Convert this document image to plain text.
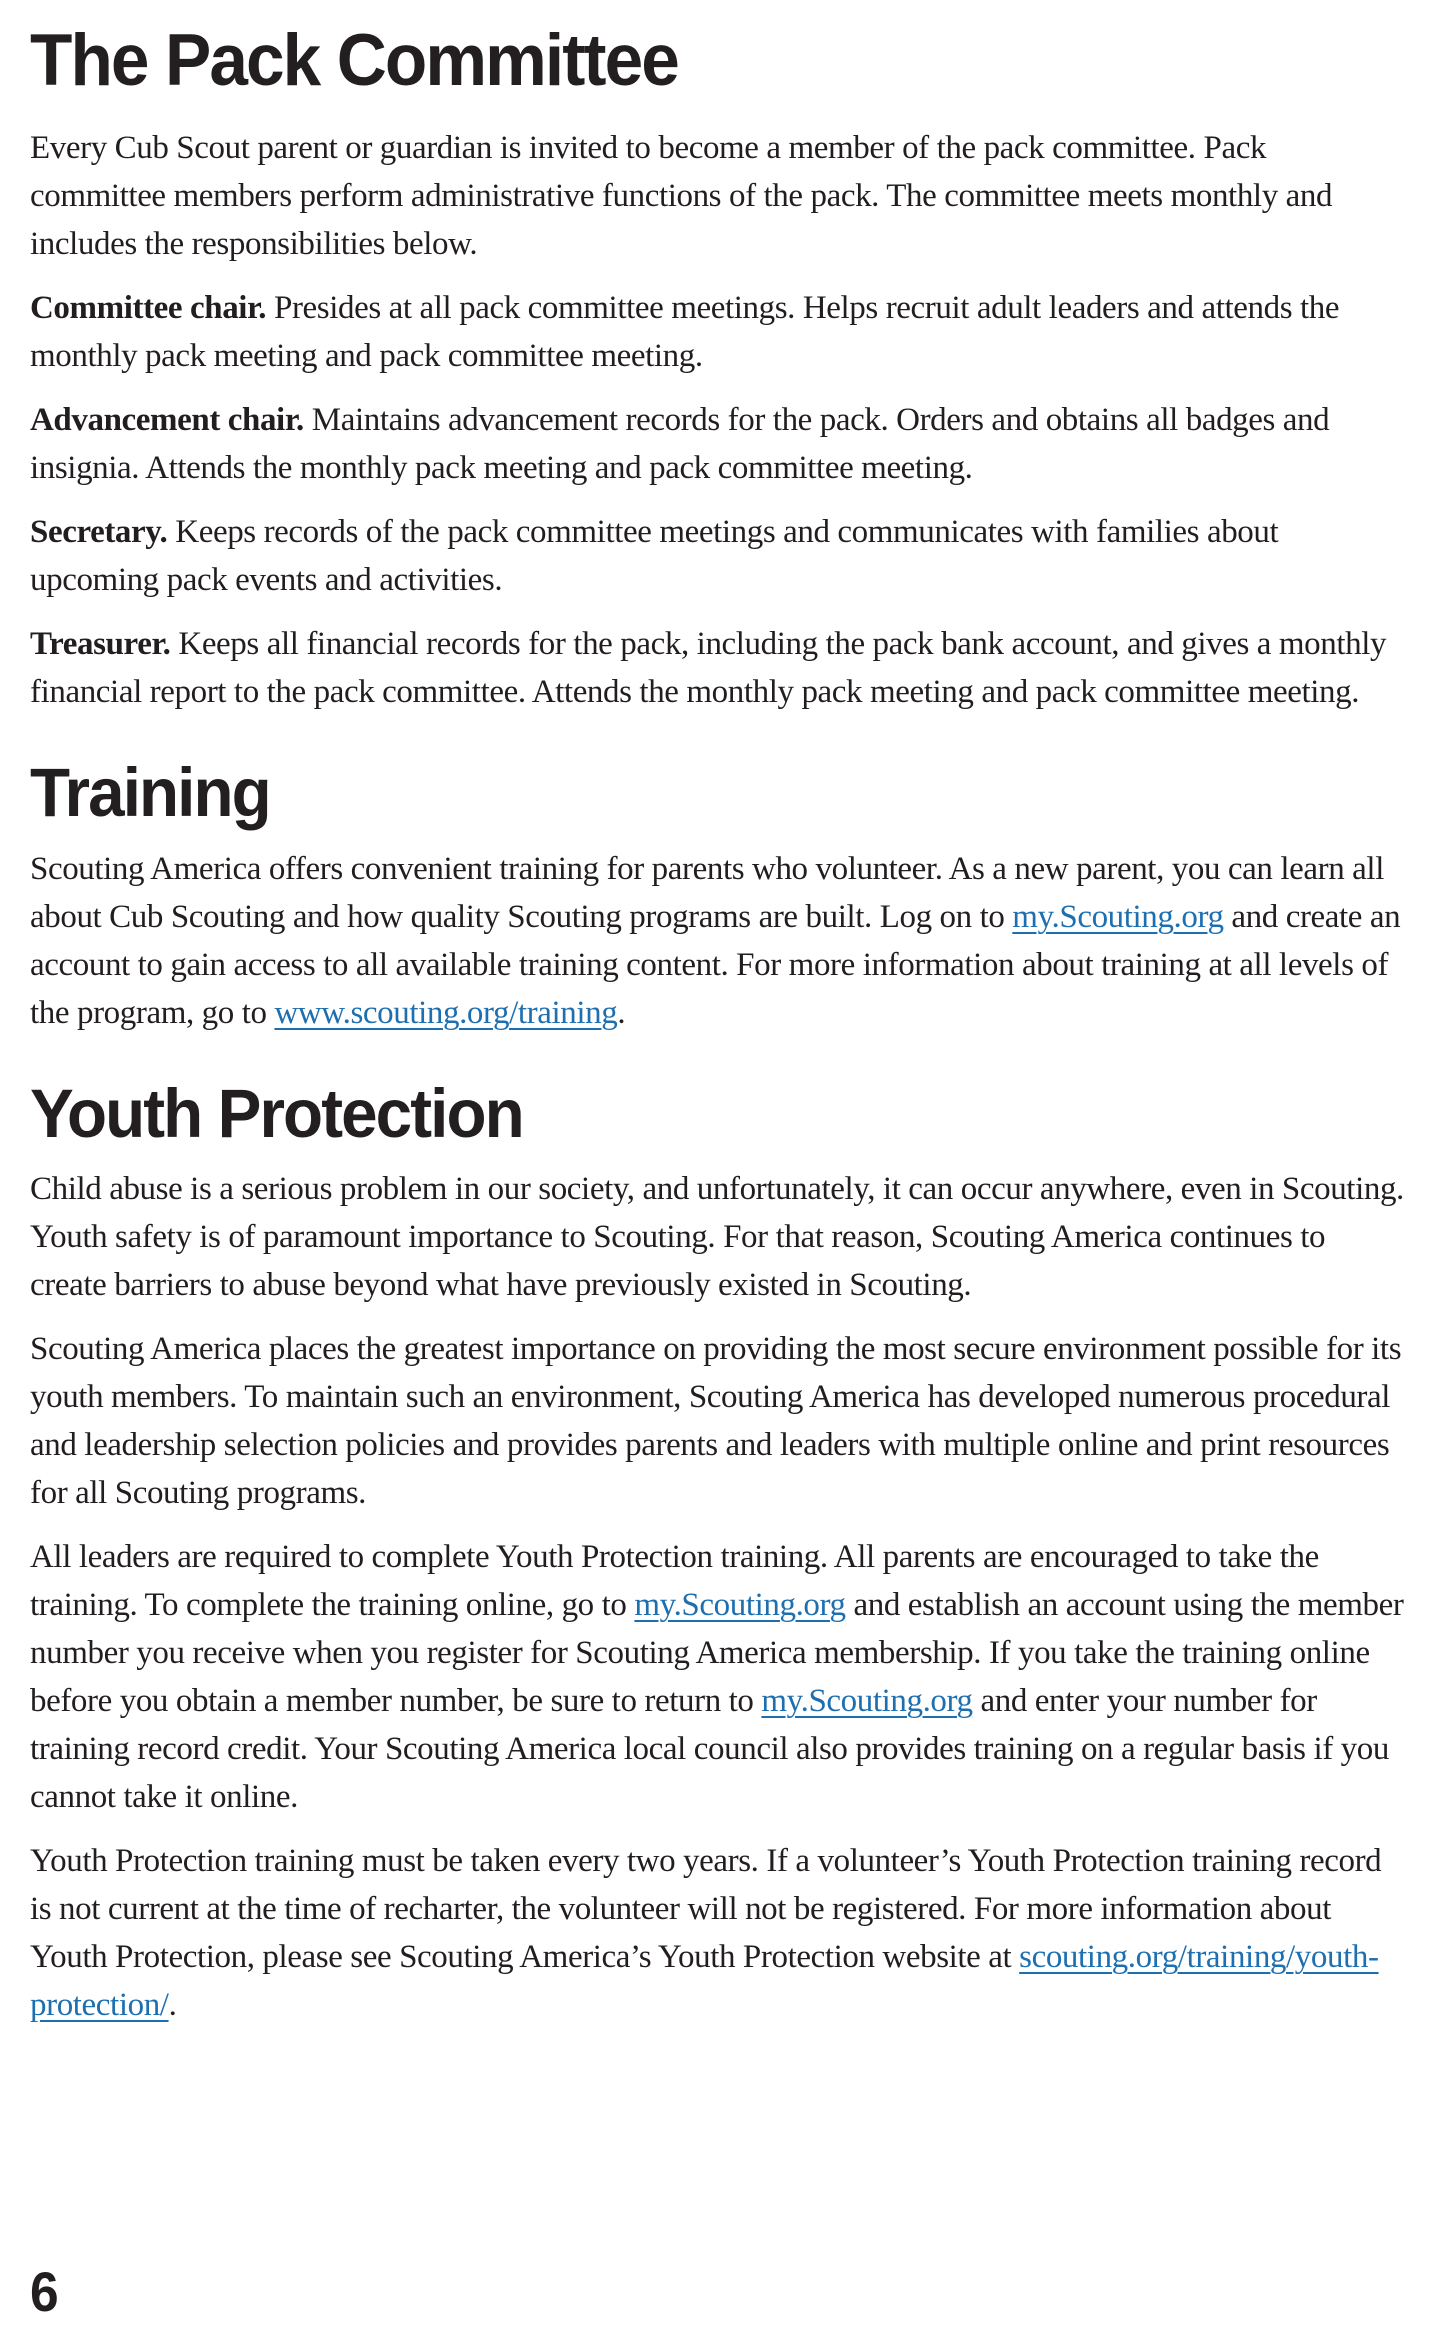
The Pack Committee

Every Cub Scout parent or guardian is invited to become a member of the pack committee. Pack committee members perform administrative functions of the pack. The committee meets monthly and includes the responsibilities below.

Committee chair. Presides at all pack committee meetings. Helps recruit adult leaders and attends the monthly pack meeting and pack committee meeting.

Advancement chair. Maintains advancement records for the pack. Orders and obtains all badges and insignia. Attends the monthly pack meeting and pack committee meeting.

Secretary. Keeps records of the pack committee meetings and communicates with families about upcoming pack events and activities.

Treasurer. Keeps all financial records for the pack, including the pack bank account, and gives a monthly financial report to the pack committee. Attends the monthly pack meeting and pack committee meeting.

Training

Scouting America offers convenient training for parents who volunteer. As a new parent, you can learn all about Cub Scouting and how quality Scouting programs are built. Log on to my.Scouting.org and create an account to gain access to all available training content. For more information about training at all levels of the program, go to www.scouting.org/training.

Youth Protection

Child abuse is a serious problem in our society, and unfortunately, it can occur anywhere, even in Scouting. Youth safety is of paramount importance to Scouting. For that reason, Scouting America continues to create barriers to abuse beyond what have previously existed in Scouting.

Scouting America places the greatest importance on providing the most secure environment possible for its youth members. To maintain such an environment, Scouting America has developed numerous procedural and leadership selection policies and provides parents and leaders with multiple online and print resources for all Scouting programs.

All leaders are required to complete Youth Protection training. All parents are encouraged to take the training. To complete the training online, go to my.Scouting.org and establish an account using the member number you receive when you register for Scouting America membership. If you take the training online before you obtain a member number, be sure to return to my.Scouting.org and enter your number for training record credit. Your Scouting America local council also provides training on a regular basis if you cannot take it online.

Youth Protection training must be taken every two years. If a volunteer’s Youth Protection training record is not current at the time of recharter, the volunteer will not be registered. For more information about Youth Protection, please see Scouting America’s Youth Protection website at scouting.org/training/youth-protection/.

6
